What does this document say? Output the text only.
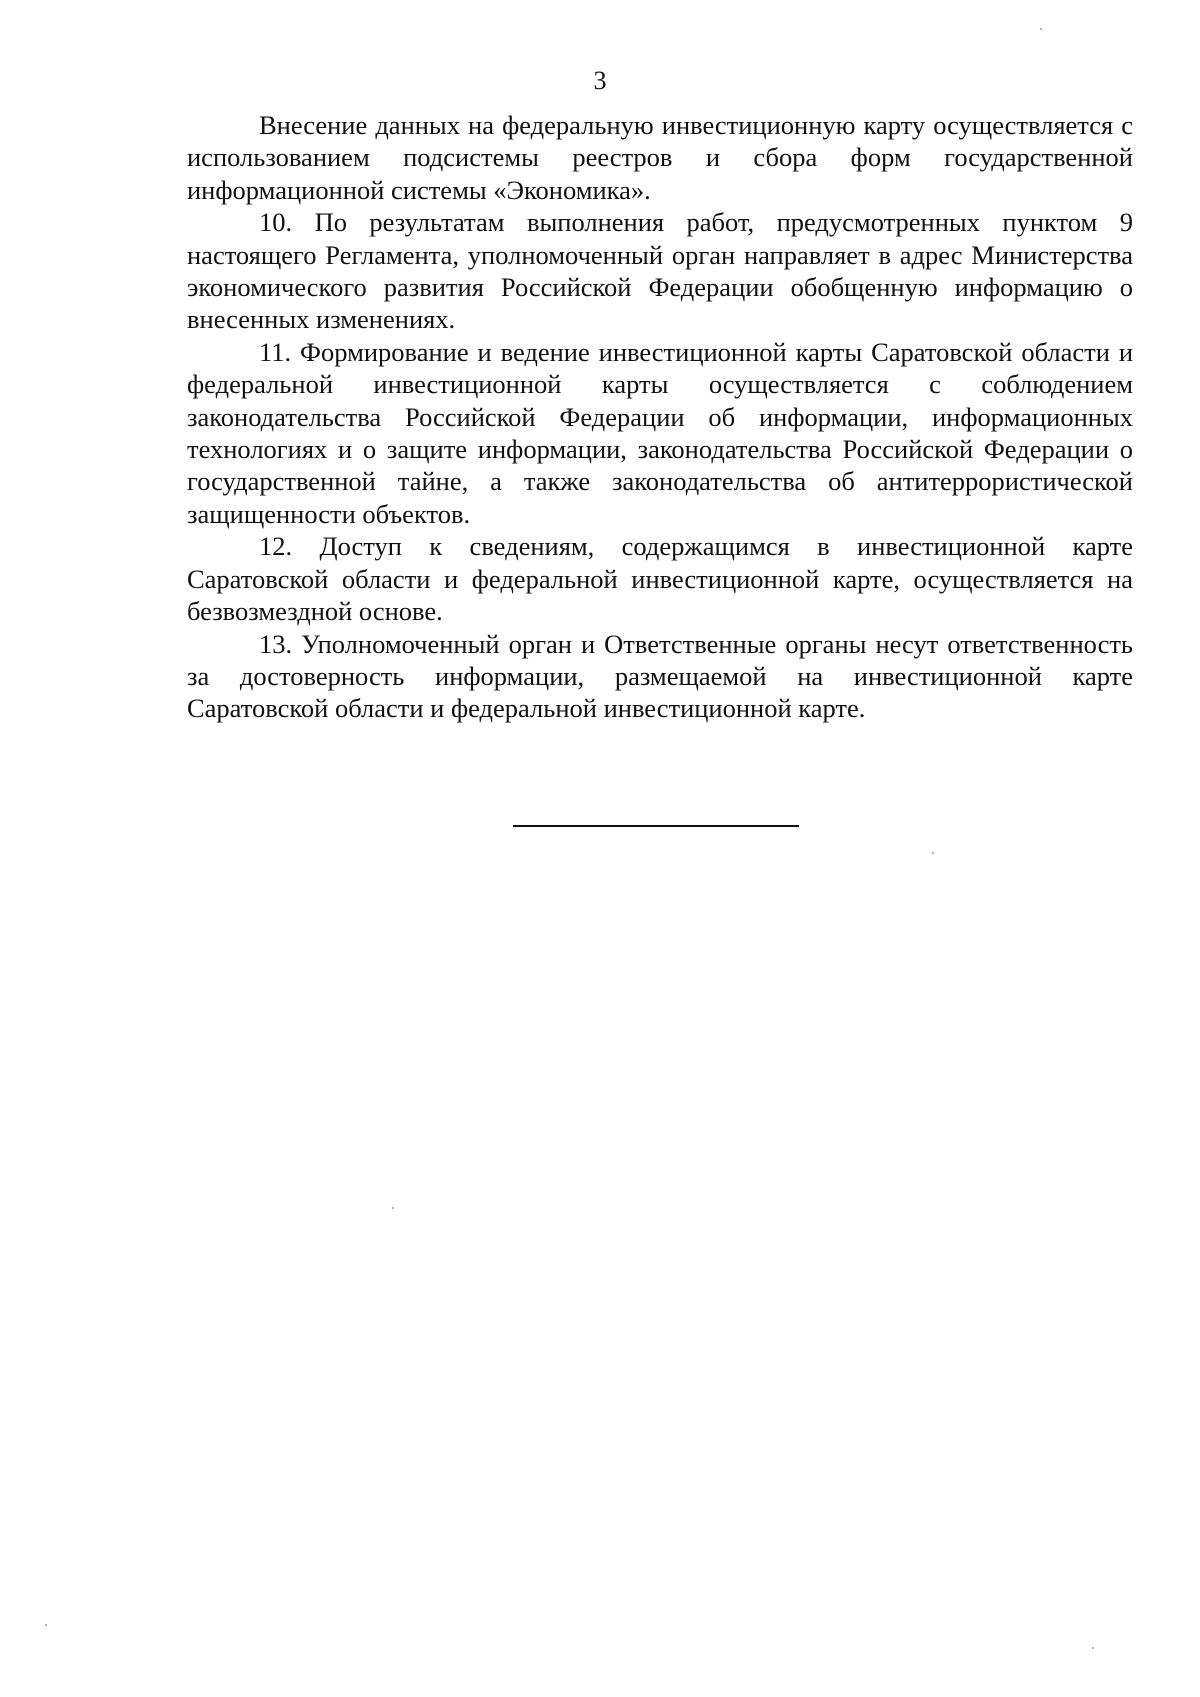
3

Внесение данных на федеральную инвестиционную карту осуществляется с использованием подсистемы реестров и сбора форм государственной информационной системы «Экономика».

10. По результатам выполнения работ, предусмотренных пунктом 9 настоящего Регламента, уполномоченный орган направляет в адрес Министерства экономического развития Российской Федерации обобщенную информацию о внесенных изменениях.

11. Формирование и ведение инвестиционной карты Саратовской области и федеральной инвестиционной карты осуществляется с соблюдением законодательства Российской Федерации об информации, информационных технологиях и о защите информации, законодательства Российской Федерации о государственной тайне, а также законодательства об антитеррористической защищенности объектов.

12. Доступ к сведениям, содержащимся в инвестиционной карте Саратовской области и федеральной инвестиционной карте, осуществляется на безвозмездной основе.

13. Уполномоченный орган и Ответственные органы несут ответственность за достоверность информации, размещаемой на инвестиционной карте Саратовской области и федеральной инвестиционной карте.
